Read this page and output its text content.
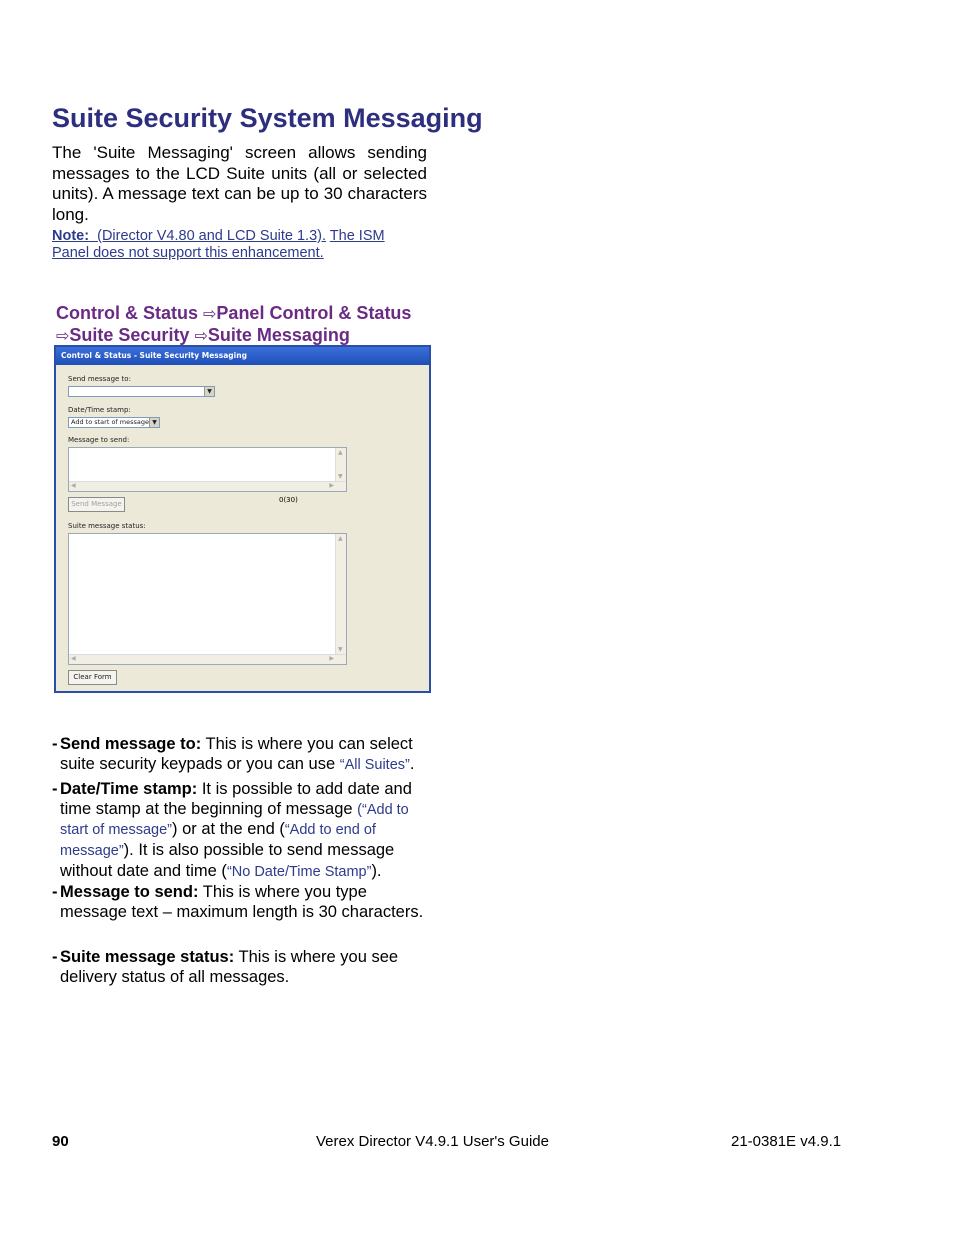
Suite Security System Messaging

The 'Suite Messaging' screen allows sending messages to the LCD Suite units (all or selected units). A message text can be up to 30 characters long.

Note: (Director V4.80 and LCD Suite 1.3). The ISM Panel does not support this enhancement.

Control & Status ⇨Panel Control & Status
⇨Suite Security ⇨Suite Messaging

Control & Status - Suite Security Messaging
Send message to:
▼
Date/Time stamp:
Add to start of message ▼
Message to send:
▲
▼
◀	▶
Send Message	0(30)
Suite message status:
▲
▼
◀	▶
Clear Form
- Send message to: This is where you can select suite security keypads or you can use “All Suites”.

- Date/Time stamp: It is possible to add date and time stamp at the beginning of message (“Add to start of message”) or at the end (“Add to end of message”). It is also possible to send message without date and time (“No Date/Time Stamp”).

- Message to send: This is where you type message text – maximum length is 30 characters.

- Suite message status: This is where you see delivery status of all messages.

90	Verex Director V4.9.1 User's Guide	21-0381E v4.9.1
